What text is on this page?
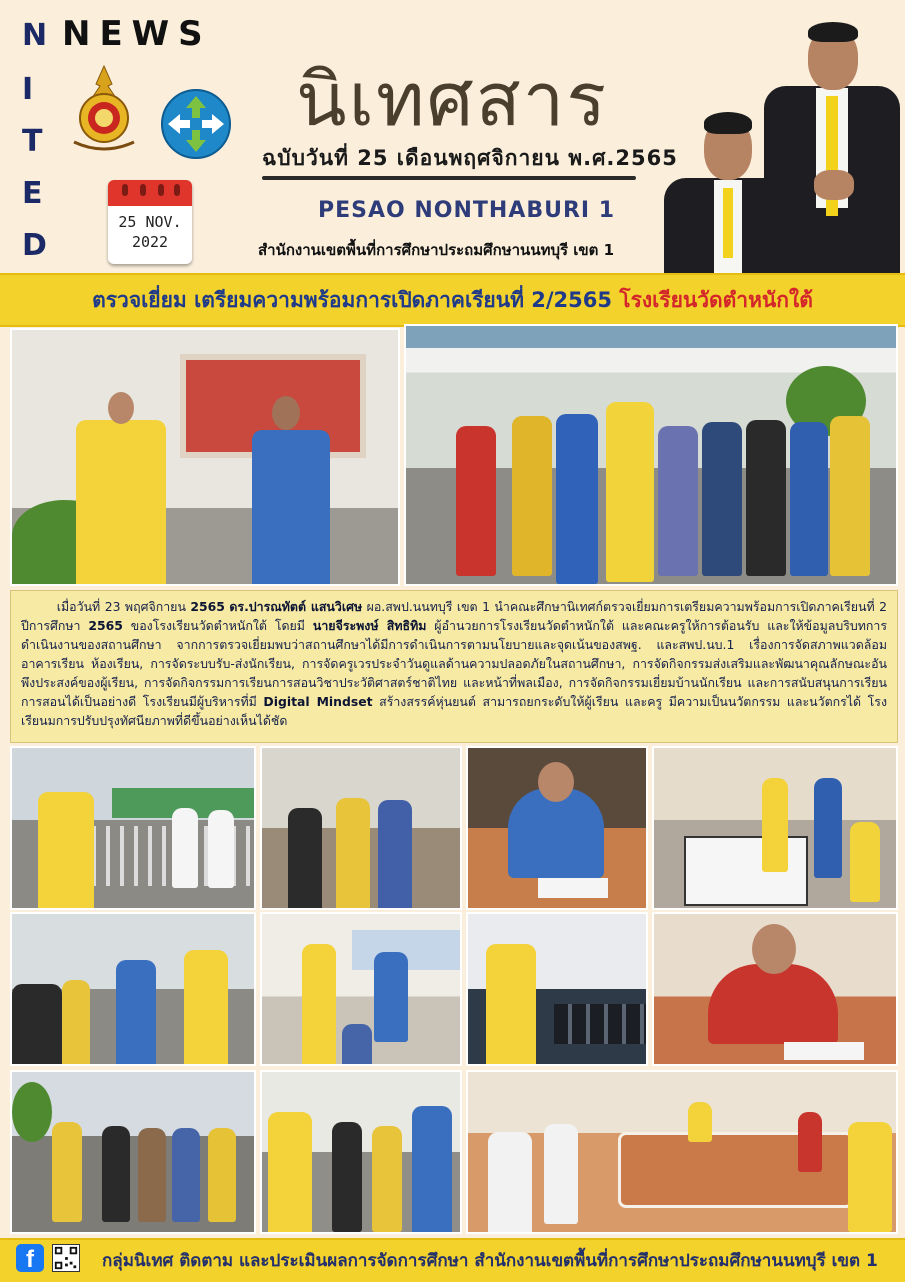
N
I
T
E
D
NEWS
25 NOV.
2022
นิเทศสาร
ฉบับวันที่ 25 เดือนพฤศจิกายน พ.ศ.2565
PESAO NONTHABURI 1
สำนักงานเขตพื้นที่การศึกษาประถมศึกษานนทบุรี เขต 1
ตรวจเยี่ยม เตรียมความพร้อมการเปิดภาคเรียนที่ 2/2565 โรงเรียนวัดตำหนักใต้
เมื่อวันที่ 23 พฤศจิกายน 2565 ดร.ปารณทัตต์ แสนวิเศษ ผอ.สพป.นนทบุรี เขต 1 นำคณะศึกษานิเทศก์ตรวจเยี่ยมการเตรียมความพร้อมการเปิดภาคเรียนที่ 2 ปีการศึกษา 2565 ของโรงเรียนวัดตำหนักใต้ โดยมี นายจีระพงษ์ สิทธิทิม ผู้อำนวยการโรงเรียนวัดตำหนักใต้ และคณะครูให้การต้อนรับ และให้ข้อมูลบริบทการดำเนินงานของสถานศึกษา จากการตรวจเยี่ยมพบว่าสถานศึกษาได้มีการดำเนินการตามนโยบายและจุดเน้นของสพฐ. และสพป.นบ.1 เรื่องการจัดสภาพแวดล้อม อาคารเรียน ห้องเรียน, การจัดระบบรับ-ส่งนักเรียน, การจัดครูเวรประจำวันดูแลด้านความปลอดภัยในสถานศึกษา, การจัดกิจกรรมส่งเสริมและพัฒนาคุณลักษณะอันพึงประสงค์ของผู้เรียน, การจัดกิจกรรมการเรียนการสอนวิชาประวัติศาสตร์ชาติไทย และหน้าที่พลเมือง, การจัดกิจกรรมเยี่ยมบ้านนักเรียน และการสนับสนุนการเรียนการสอนได้เป็นอย่างดี โรงเรียนมีผู้บริหารที่มี Digital Mindset สร้างสรรค์หุ่นยนต์ สามารถยกระดับให้ผู้เรียน และครู มีความเป็นนวัตกรรม และนวัตกรได้ โรงเรียนมการปรับปรุงทัศนียภาพที่ดีขึ้นอย่างเห็นได้ชัด
f	กลุ่มนิเทศ ติดตาม และประเมินผลการจัดการศึกษา สำนักงานเขตพื้นที่การศึกษาประถมศึกษานนทบุรี เขต 1
